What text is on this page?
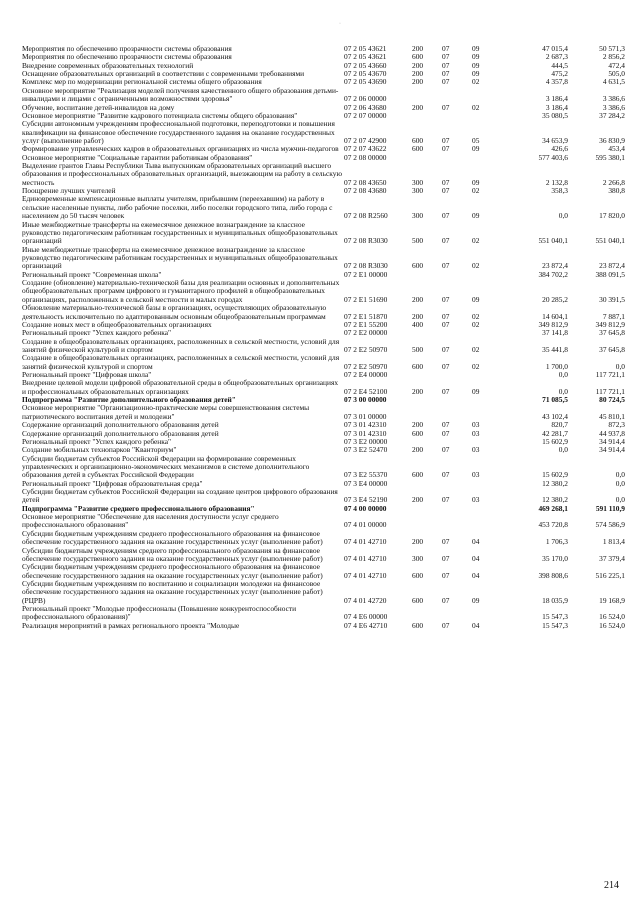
·
Мероприятия по обеспечению прозрачности системы образования	07 2 05 43621	200	07	09	47 015,4	50 571,3
Мероприятия по обеспечению прозрачности системы образования	07 2 05 43621	600	07	09	2 687,3	2 856,2
Внедрение современных образовательных технологий	07 2 05 43660	200	07	09	444,5	472,4
Оснащение образовательных организаций в соответствии с современными требованиями	07 2 05 43670	200	07	09	475,2	505,0
Комплекс мер по модернизации региональной системы общего образования	07 2 05 43690	200	07	02	4 357,8	4 631,5
Основное мероприятие "Реализация моделей получения качественного общего образования детьми-инвалидами и лицами с ограниченными возможностями здоровья"	07 2 06 00000	3 186,4	3 386,6
Обучение, воспитание детей-инвалидов на дому	07 2 06 43680	200	07	02	3 186,4	3 386,6
Основное мероприятие "Развитие кадрового потенциала системы общего образования"	07 2 07 00000	35 080,5	37 284,2
Субсидии автономным учреждениям профессиональной подготовки, переподготовки и повышения квалификации на финансовое обеспечение государственного задания на оказание государственных услуг (выполнение работ)	07 2 07 42900	600	07	05	34 653,9	36 830,9
Формирование управленческих кадров в образовательных организациях из числа мужчин-педагогов 07 2 07 43622	600	07	09	426,6	453,4
Основное мероприятие "Социальные гарантии работникам образования"	07 2 08 00000	577 403,6	595 380,1
Выделение грантов Главы Республики Тыва выпускникам образовательных организаций высшего образования и профессиональных образовательных организаций, выезжающим на работу в сельскую местность	07 2 08 43650	300	07	09	2 132,8	2 266,8
Поощрение лучших учителей	07 2 08 43680	300	07	02	358,3	380,8
Единовременные компенсационные выплаты учителям, прибывшим (переехавшим) на работу в сельские населенные пункты, либо рабочие поселки, либо поселки городского типа, либо города с населением до 50 тысяч человек	07 2 08 R2560	300	07	09	0,0	17 820,0
Иные межбюджетные трансферты на ежемесячное денежное вознаграждение за классное руководство педагогическим работникам государственных и муниципальных общеобразовательных организаций	07 2 08 R3030	500	07	02	551 040,1	551 040,1
Иные межбюджетные трансферты на ежемесячное денежное вознаграждение за классное руководство педагогическим работникам государственных и муниципальных общеобразовательных организаций	07 2 08 R3030	600	07	02	23 872,4	23 872,4
Региональный проект "Современная школа"	07 2 E1 00000	384 702,2	388 091,5
Создание (обновление) материально-технической базы для реализации основных и дополнительных общеобразовательных программ цифрового и гуманитарного профилей в общеобразовательных организациях, расположенных в сельской местности и малых городах	07 2 E1 51690	200	07	09	20 285,2	30 391,5
Обновление материально-технической базы в организациях, осуществляющих образовательную деятельность исключительно по адаптированным основным общеобразовательным программам	07 2 E1 51870	200	07	02	14 604,1	7 887,1
Создание новых мест в общеобразовательных организациях	07 2 E1 55200	400	07	02	349 812,9	349 812,9
Региональный проект "Успех каждого ребенка"	07 2 E2 00000	37 141,8	37 645,8
Создание в общеобразовательных организациях, расположенных в сельской местности, условий для занятий физической культурой и спортом	07 2 E2 50970	500	07	02	35 441,8	37 645,8
Создание в общеобразовательных организациях, расположенных в сельской местности, условий для занятий физической культурой и спортом	07 2 E2 50970	600	07	02	1 700,0	0,0
Региональный проект "Цифровая школа"	07 2 E4 00000	0,0	117 721,1
Внедрение целевой модели цифровой образовательной среды в общеобразовательных организациях и профессиональных образовательных организациях	07 2 E4 52100	200	07	09	0,0	117 721,1
Подпрограмма "Развитие дополнительного образования детей"	07 3 00 00000	71 085,5	80 724,5
Основное мероприятие "Организационно-практические меры совершенствования системы патриотического воспитания детей и молодежи"	07 3 01 00000	43 102,4	45 810,1
Содержание организаций дополнительного образования детей	07 3 01 42310	200	07	03	820,7	872,3
Содержание организаций дополнительного образования детей	07 3 01 42310	600	07	03	42 281,7	44 937,8
Региональный проект "Успех каждого ребенка"	07 3 E2 00000	15 602,9	34 914,4
Создание мобильных технопарков "Кванториум"	07 3 E2 52470	200	07	03	0,0	34 914,4
Субсидии бюджетам субъектов Российской Федерации на формирование современных управленческих и организационно-экономических механизмов в системе дополнительного образования детей в субъектах Российской Федерации	07 3 E2 55370	600	07	03	15 602,9	0,0
Региональный проект "Цифровая образовательная среда"	07 3 E4 00000	12 380,2	0,0
Субсидии бюджетам субъектов Российской Федерации на создание центров цифрового образования детей	07 3 E4 52190	200	07	03	12 380,2	0,0
Подпрограмма "Развитие среднего профессионального образования"	07 4 00 00000	469 268,1	591 110,9
Основное мероприятие "Обеспечение для населения доступности услуг среднего профессионального образования"	07 4 01 00000	453 720,8	574 586,9
Субсидии бюджетным учреждениям среднего профессионального образования на финансовое обеспечение государственного задания на оказание государственных услуг (выполнение работ)	07 4 01 42710	200	07	04	1 706,3	1 813,4
Субсидии бюджетным учреждениям среднего профессионального образования на финансовое обеспечение государственного задания на оказание государственных услуг (выполнение работ)	07 4 01 42710	300	07	04	35 170,0	37 379,4
Субсидии бюджетным учреждениям среднего профессионального образования на финансовое обеспечение государственного задания на оказание государственных услуг (выполнение работ)	07 4 01 42710	600	07	04	398 808,6	516 225,1
Субсидии бюджетным учреждениям по воспитанию и социализации молодежи на финансовое обеспечение государственного задания на оказание государственных услуг (выполнение работ) (РЦРВ)	07 4 01 42720	600	07	09	18 035,9	19 168,9
Региональный проект "Молодые профессионалы (Повышение конкурентоспособности профессионального образования)"	07 4 E6 00000	15 547,3	16 524,0
Реализация мероприятий в рамках регионального проекта "Молодые	07 4 E6 42710	600	07	04	15 547,3	16 524,0
214
